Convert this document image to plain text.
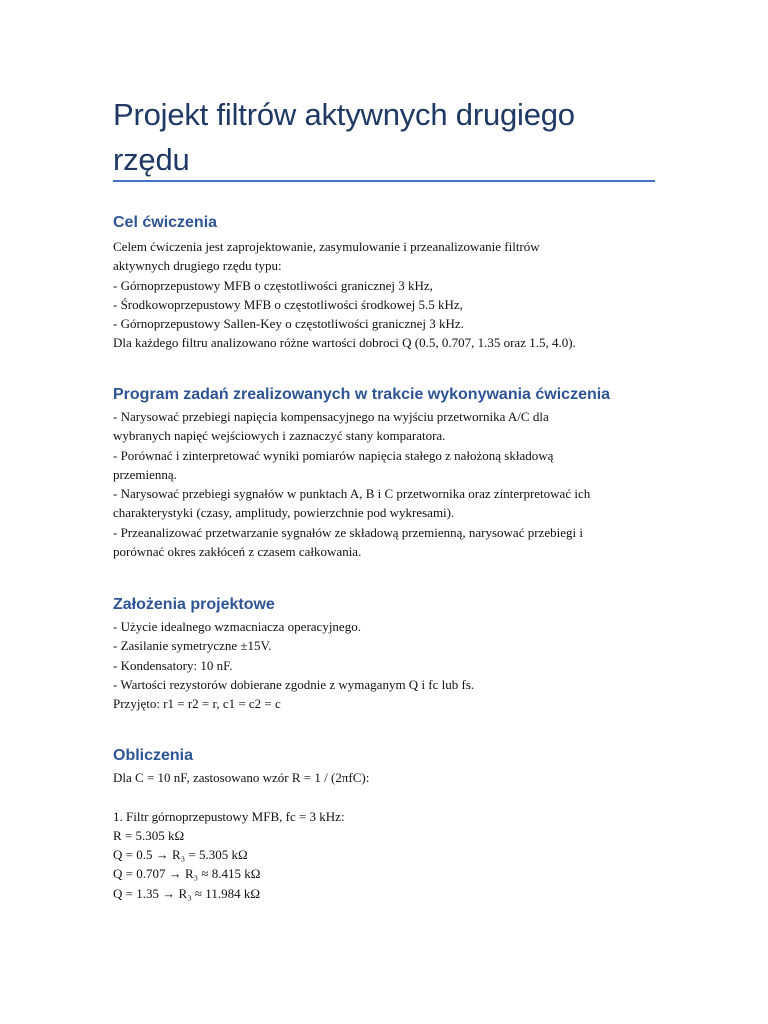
Projekt filtrów aktywnych drugiego
rzędu
Cel ćwiczenia

Celem ćwiczenia jest zaprojektowanie, zasymulowanie i przeanalizowanie filtrów
aktywnych drugiego rzędu typu:
- Górnoprzepustowy MFB o częstotliwości granicznej 3 kHz,
- Środkowoprzepustowy MFB o częstotliwości środkowej 5.5 kHz,
- Górnoprzepustowy Sallen-Key o częstotliwości granicznej 3 kHz.
Dla każdego filtru analizowano różne wartości dobroci Q (0.5, 0.707, 1.35 oraz 1.5, 4.0).

Program zadań zrealizowanych w trakcie wykonywania ćwiczenia

- Narysować przebiegi napięcia kompensacyjnego na wyjściu przetwornika A/C dla
wybranych napięć wejściowych i zaznaczyć stany komparatora.
- Porównać i zinterpretować wyniki pomiarów napięcia stałego z nałożoną składową
przemienną.
- Narysować przebiegi sygnałów w punktach A, B i C przetwornika oraz zinterpretować ich
charakterystyki (czasy, amplitudy, powierzchnie pod wykresami).
- Przeanalizować przetwarzanie sygnałów ze składową przemienną, narysować przebiegi i
porównać okres zakłóceń z czasem całkowania.

Założenia projektowe

- Użycie idealnego wzmacniacza operacyjnego.
- Zasilanie symetryczne ±15V.
- Kondensatory: 10 nF.
- Wartości rezystorów dobierane zgodnie z wymaganym Q i fc lub fs.
Przyjęto: r1 = r2 = r, c1 = c2 = c

Obliczenia

Dla C = 10 nF, zastosowano wzór R = 1 / (2πfC):
1. Filtr górnoprzepustowy MFB, fc = 3 kHz:
R = 5.305 kΩ
Q = 0.5 → R₃ = 5.305 kΩ
Q = 0.707 → R₃ ≈ 8.415 kΩ
Q = 1.35 → R₃ ≈ 11.984 kΩ
